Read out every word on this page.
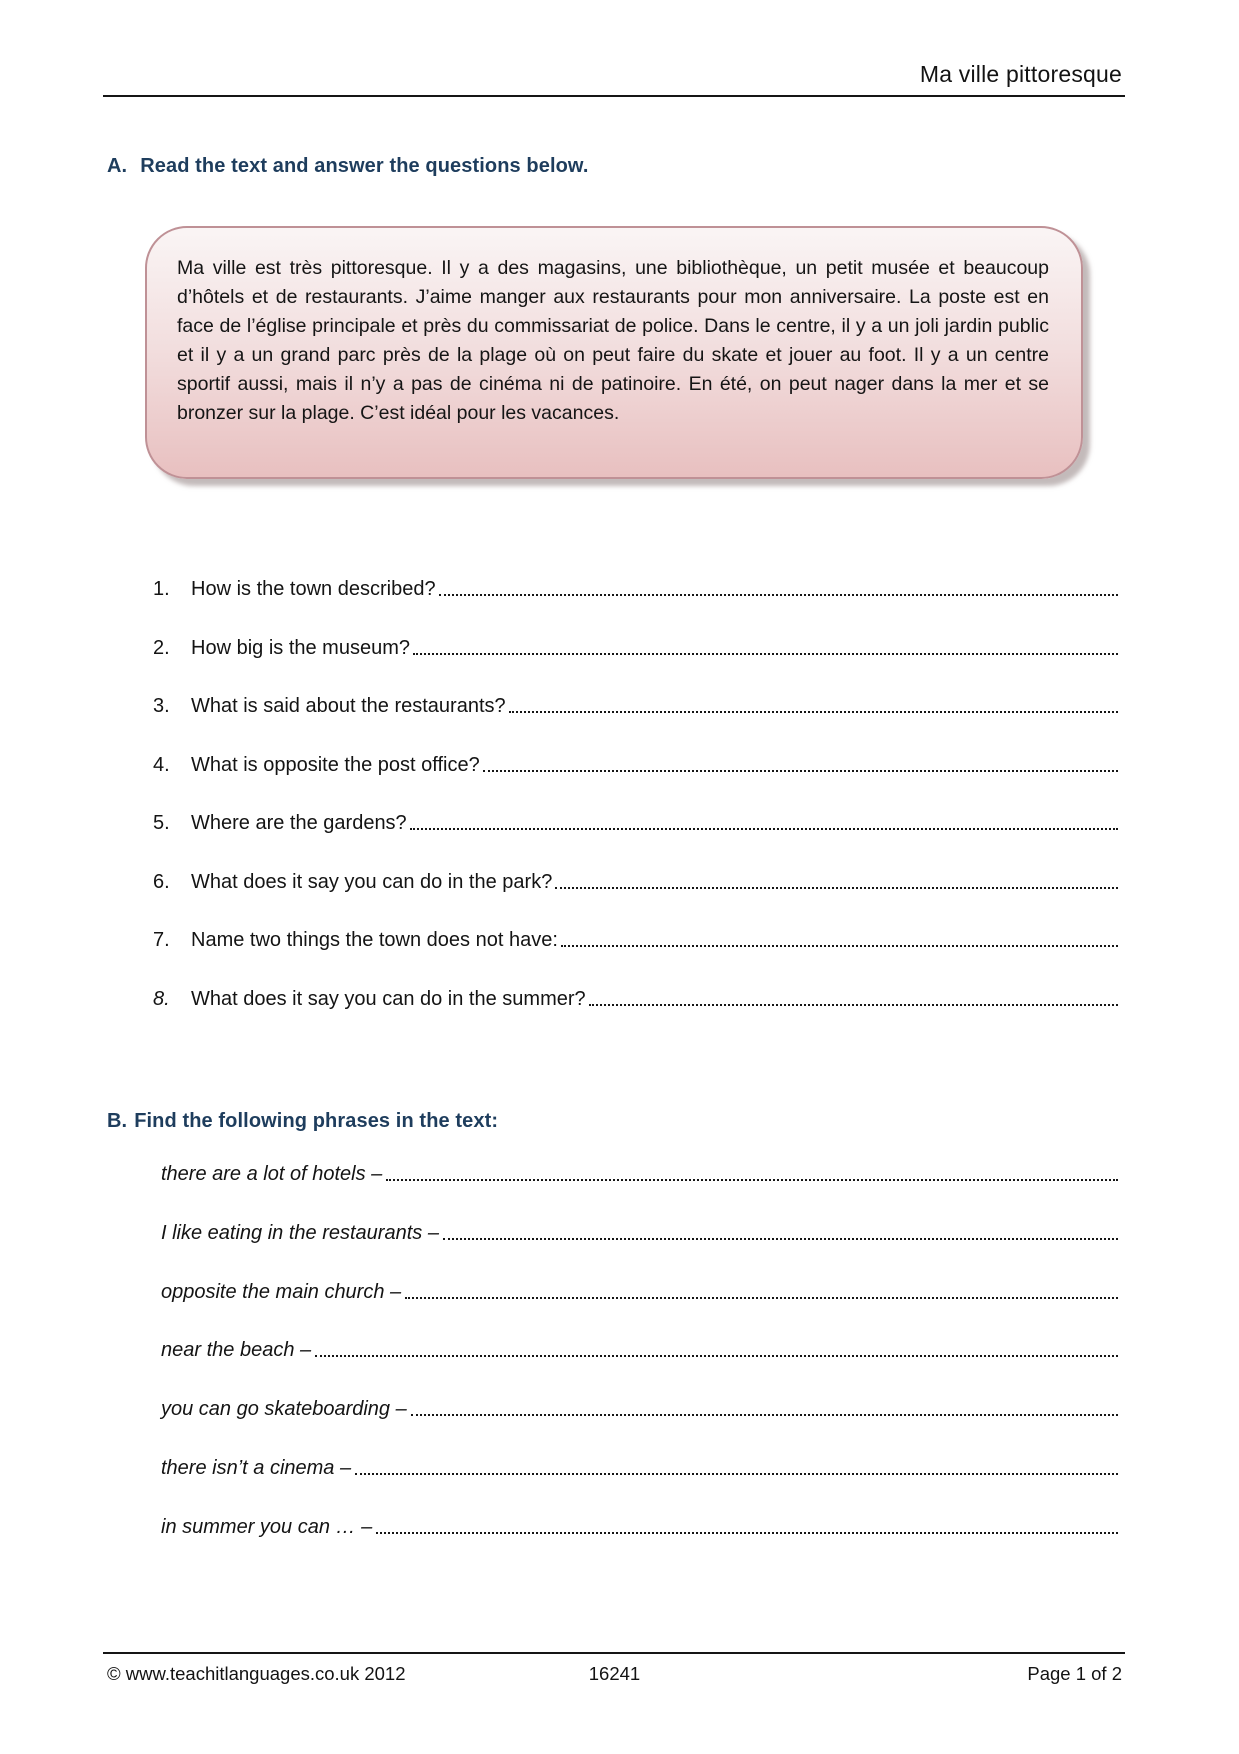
Ma ville pittoresque
A. Read the text and answer the questions below.

Ma ville est très pittoresque. Il y a des magasins, une bibliothèque, un petit musée et beaucoup d’hôtels et de restaurants. J’aime manger aux restaurants pour mon anniversaire. La poste est en face de l’église principale et près du commissariat de police. Dans le centre, il y a un joli jardin public et il y a un grand parc près de la plage où on peut faire du skate et jouer au foot. Il y a un centre sportif aussi, mais il n’y a pas de cinéma ni de patinoire. En été, on peut nager dans la mer et se bronzer sur la plage. C’est idéal pour les vacances.

1.	How is the town described?
2.	How big is the museum?
3.	What is said about the restaurants?
4.	What is opposite the post office?
5.	Where are the gardens?
6.	What does it say you can do in the park?
7.	Name two things the town does not have:
8.	What does it say you can do in the summer?
B. Find the following phrases in the text:
there are a lot of hotels –
I like eating in the restaurants –
opposite the main church –
near the beach –
you can go skateboarding –
there isn’t a cinema –
in summer you can … –
© www.teachitlanguages.co.uk 2012	16241	Page 1 of 2
